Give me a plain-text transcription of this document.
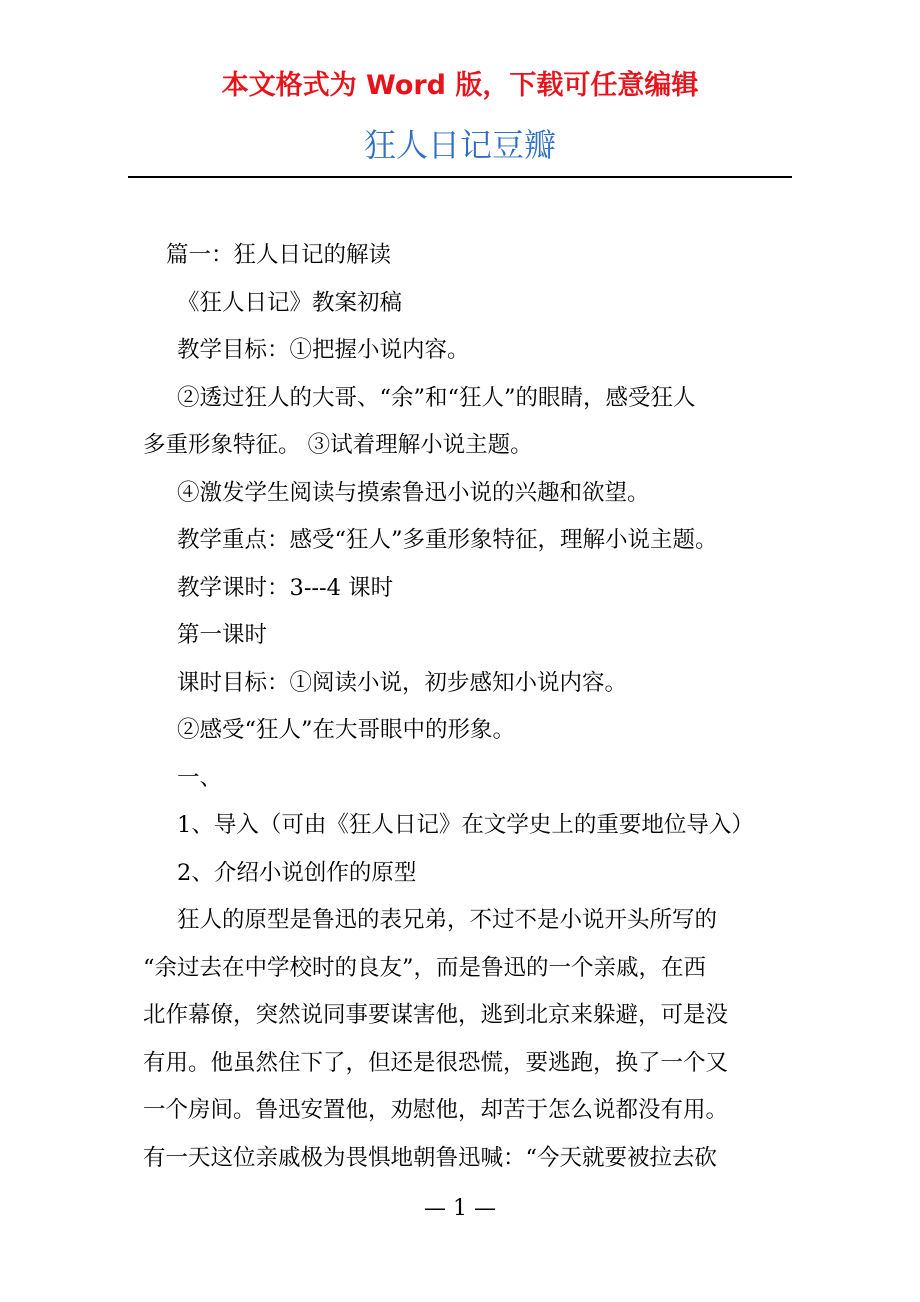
本文格式为 Word 版，下载可任意编辑
狂人日记豆瓣

篇一：狂人日记的解读

《狂人日记》教案初稿

教学目标：①把握小说内容。

②透过狂人的大哥、“余”和“狂人”的眼睛，感受狂人

多重形象特征。 ③试着理解小说主题。

④激发学生阅读与摸索鲁迅小说的兴趣和欲望。

教学重点：感受“狂人”多重形象特征，理解小说主题。

教学课时：3---4 课时

第一课时

课时目标：①阅读小说，初步感知小说内容。

②感受“狂人”在大哥眼中的形象。

一、

1、导入（可由《狂人日记》在文学史上的重要地位导入）

2、介绍小说创作的原型

狂人的原型是鲁迅的表兄弟，不过不是小说开头所写的

“余过去在中学校时的良友”，而是鲁迅的一个亲戚，在西

北作幕僚，突然说同事要谋害他，逃到北京来躲避，可是没

有用。他虽然住下了，但还是很恐慌，要逃跑，换了一个又

一个房间。鲁迅安置他，劝慰他，却苦于怎么说都没有用。

有一天这位亲戚极为畏惧地朝鲁迅喊：“今天就要被拉去砍

— 1 —
